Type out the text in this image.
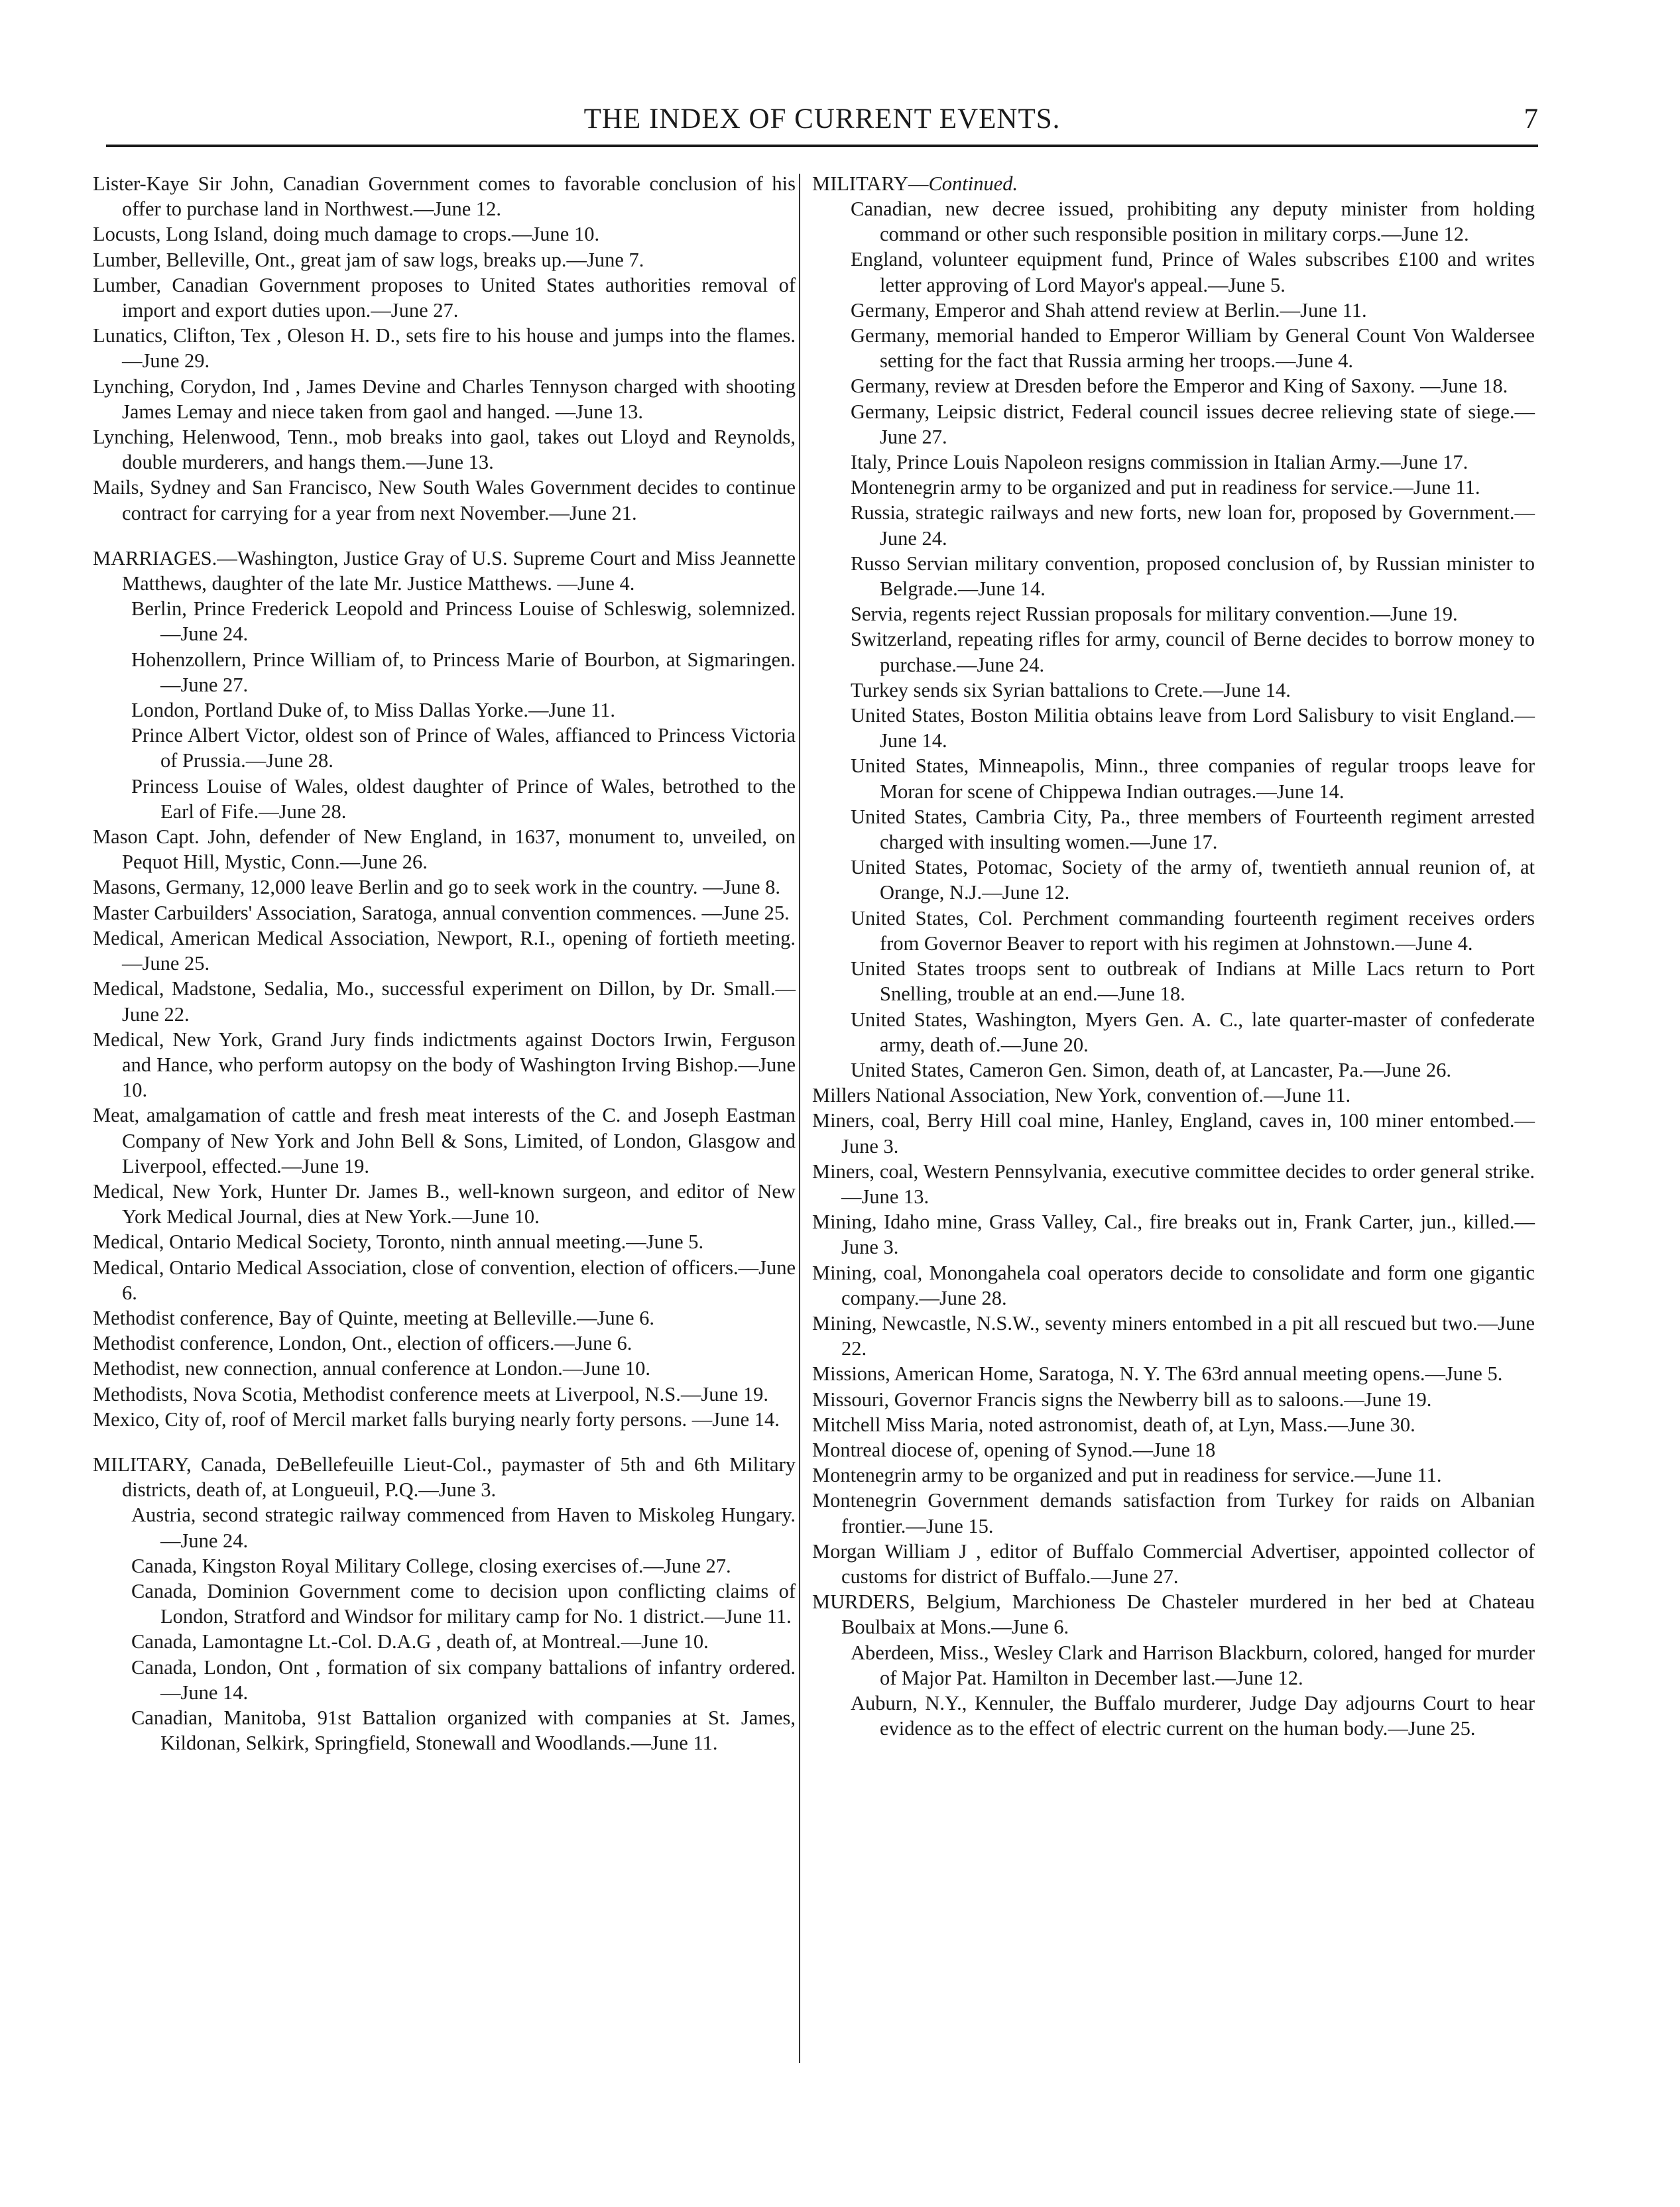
THE INDEX OF CURRENT EVENTS.	7
Lister-Kaye Sir John, Canadian Government comes to favorable conclusion of his offer to purchase land in Northwest.—June 12.
Locusts, Long Island, doing much damage to crops.—June 10.
Lumber, Belleville, Ont., great jam of saw logs, breaks up.—June 7.
Lumber, Canadian Government proposes to United States authorities removal of import and export duties upon.—June 27.
Lunatics, Clifton, Tex , Oleson H. D., sets fire to his house and jumps into the flames.—June 29.
Lynching, Corydon, Ind , James Devine and Charles Tennyson charged with shooting James Lemay and niece taken from gaol and hanged. —June 13.
Lynching, Helenwood, Tenn., mob breaks into gaol, takes out Lloyd and Reynolds, double murderers, and hangs them.—June 13.
Mails, Sydney and San Francisco, New South Wales Government decides to continue contract for carrying for a year from next November.—June 21.
MARRIAGES.—Washington, Justice Gray of U.S. Supreme Court and Miss Jeannette Matthews, daughter of the late Mr. Justice Matthews. —June 4.
Berlin, Prince Frederick Leopold and Princess Louise of Schleswig, solemnized.—June 24.
Hohenzollern, Prince William of, to Princess Marie of Bourbon, at Sigmaringen.—June 27.
London, Portland Duke of, to Miss Dallas Yorke.—June 11.
Prince Albert Victor, oldest son of Prince of Wales, affianced to Princess Victoria of Prussia.—June 28.
Princess Louise of Wales, oldest daughter of Prince of Wales, betrothed to the Earl of Fife.—June 28.
Mason Capt. John, defender of New England, in 1637, monument to, unveiled, on Pequot Hill, Mystic, Conn.—June 26.
Masons, Germany, 12,000 leave Berlin and go to seek work in the country. —June 8.
Master Carbuilders' Association, Saratoga, annual convention commences. —June 25.
Medical, American Medical Association, Newport, R.I., opening of fortieth meeting.—June 25.
Medical, Madstone, Sedalia, Mo., successful experiment on Dillon, by Dr. Small.—June 22.
Medical, New York, Grand Jury finds indictments against Doctors Irwin, Ferguson and Hance, who perform autopsy on the body of Washington Irving Bishop.—June 10.
Meat, amalgamation of cattle and fresh meat interests of the C. and Joseph Eastman Company of New York and John Bell & Sons, Limited, of London, Glasgow and Liverpool, effected.—June 19.
Medical, New York, Hunter Dr. James B., well-known surgeon, and editor of New York Medical Journal, dies at New York.—June 10.
Medical, Ontario Medical Society, Toronto, ninth annual meeting.—June 5.
Medical, Ontario Medical Association, close of convention, election of officers.—June 6.
Methodist conference, Bay of Quinte, meeting at Belleville.—June 6.
Methodist conference, London, Ont., election of officers.—June 6.
Methodist, new connection, annual conference at London.—June 10.
Methodists, Nova Scotia, Methodist conference meets at Liverpool, N.S.—June 19.
Mexico, City of, roof of Mercil market falls burying nearly forty persons. —June 14.
MILITARY, Canada, DeBellefeuille Lieut-Col., paymaster of 5th and 6th Military districts, death of, at Longueuil, P.Q.—June 3.
Austria, second strategic railway commenced from Haven to Miskoleg Hungary.—June 24.
Canada, Kingston Royal Military College, closing exercises of.—June 27.
Canada, Dominion Government come to decision upon conflicting claims of London, Stratford and Windsor for military camp for No. 1 district.—June 11.
Canada, Lamontagne Lt.-Col. D.A.G , death of, at Montreal.—June 10.
Canada, London, Ont , formation of six company battalions of infantry ordered.—June 14.
Canadian, Manitoba, 91st Battalion organized with companies at St. James, Kildonan, Selkirk, Springfield, Stonewall and Woodlands.—June 11.
MILITARY—Continued.
Canadian, new decree issued, prohibiting any deputy minister from holding command or other such responsible position in military corps.—June 12.
England, volunteer equipment fund, Prince of Wales subscribes £100 and writes letter approving of Lord Mayor's appeal.—June 5.
Germany, Emperor and Shah attend review at Berlin.—June 11.
Germany, memorial handed to Emperor William by General Count Von Waldersee setting for the fact that Russia arming her troops.—June 4.
Germany, review at Dresden before the Emperor and King of Saxony. —June 18.
Germany, Leipsic district, Federal council issues decree relieving state of siege.—June 27.
Italy, Prince Louis Napoleon resigns commission in Italian Army.—June 17.
Montenegrin army to be organized and put in readiness for service.—June 11.
Russia, strategic railways and new forts, new loan for, proposed by Government.—June 24.
Russo Servian military convention, proposed conclusion of, by Russian minister to Belgrade.—June 14.
Servia, regents reject Russian proposals for military convention.—June 19.
Switzerland, repeating rifles for army, council of Berne decides to borrow money to purchase.—June 24.
Turkey sends six Syrian battalions to Crete.—June 14.
United States, Boston Militia obtains leave from Lord Salisbury to visit England.—June 14.
United States, Minneapolis, Minn., three companies of regular troops leave for Moran for scene of Chippewa Indian outrages.—June 14.
United States, Cambria City, Pa., three members of Fourteenth regiment arrested charged with insulting women.—June 17.
United States, Potomac, Society of the army of, twentieth annual reunion of, at Orange, N.J.—June 12.
United States, Col. Perchment commanding fourteenth regiment receives orders from Governor Beaver to report with his regimen at Johnstown.—June 4.
United States troops sent to outbreak of Indians at Mille Lacs return to Port Snelling, trouble at an end.—June 18.
United States, Washington, Myers Gen. A. C., late quarter-master of confederate army, death of.—June 20.
United States, Cameron Gen. Simon, death of, at Lancaster, Pa.—June 26.
Millers National Association, New York, convention of.—June 11.
Miners, coal, Berry Hill coal mine, Hanley, England, caves in, 100 miner entombed.—June 3.
Miners, coal, Western Pennsylvania, executive committee decides to order general strike.—June 13.
Mining, Idaho mine, Grass Valley, Cal., fire breaks out in, Frank Carter, jun., killed.—June 3.
Mining, coal, Monongahela coal operators decide to consolidate and form one gigantic company.—June 28.
Mining, Newcastle, N.S.W., seventy miners entombed in a pit all rescued but two.—June 22.
Missions, American Home, Saratoga, N. Y. The 63rd annual meeting opens.—June 5.
Missouri, Governor Francis signs the Newberry bill as to saloons.—June 19.
Mitchell Miss Maria, noted astronomist, death of, at Lyn, Mass.—June 30.
Montreal diocese of, opening of Synod.—June 18
Montenegrin army to be organized and put in readiness for service.—June 11.
Montenegrin Government demands satisfaction from Turkey for raids on Albanian frontier.—June 15.
Morgan William J , editor of Buffalo Commercial Advertiser, appointed collector of customs for district of Buffalo.—June 27.
MURDERS, Belgium, Marchioness De Chasteler murdered in her bed at Chateau Boulbaix at Mons.—June 6.
Aberdeen, Miss., Wesley Clark and Harrison Blackburn, colored, hanged for murder of Major Pat. Hamilton in December last.—June 12.
Auburn, N.Y., Kennuler, the Buffalo murderer, Judge Day adjourns Court to hear evidence as to the effect of electric current on the human body.—June 25.
